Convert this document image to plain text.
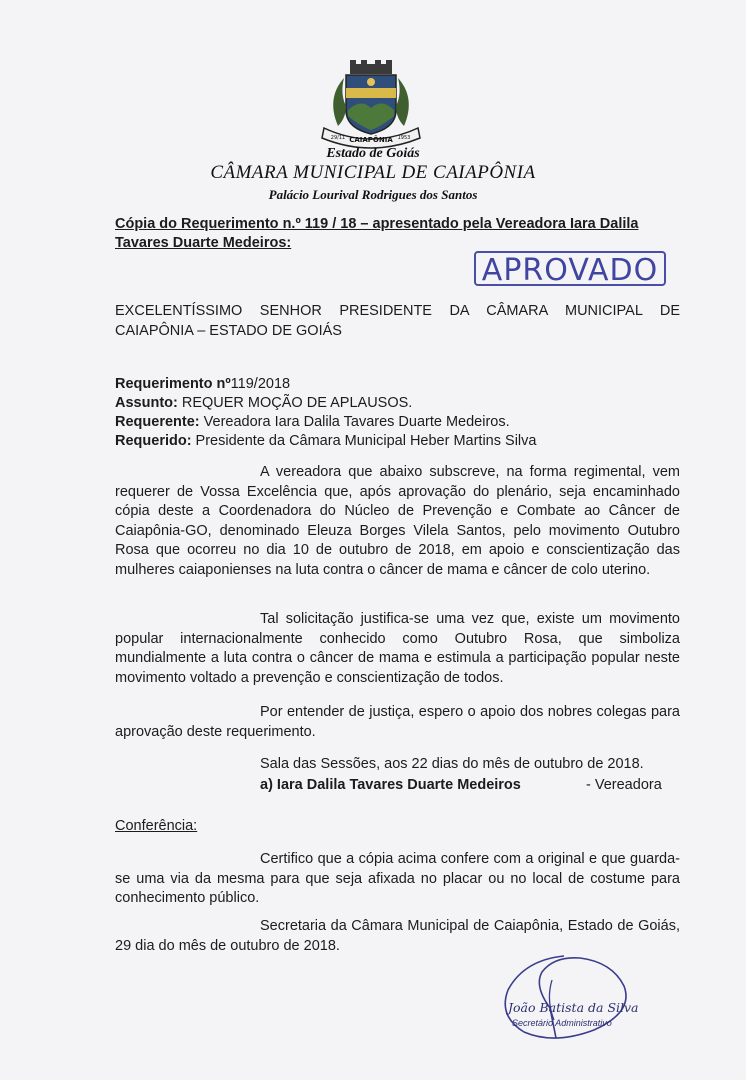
CAIAPÔNIA
29/11	1953
Estado de Goiás
CÂMARA MUNICIPAL DE CAIAPÔNIA
Palácio Lourival Rodrigues dos Santos
Cópia do Requerimento n.º 119 / 18 – apresentado pela Vereadora Iara Dalila Tavares Duarte Medeiros:
APROVADO
EXCELENTÍSSIMO SENHOR PRESIDENTE DA CÂMARA MUNICIPAL DE CAIAPÔNIA – ESTADO DE GOIÁS
Requerimento nº119/2018
Assunto: REQUER MOÇÃO DE APLAUSOS.
Requerente: Vereadora Iara Dalila Tavares Duarte Medeiros.
Requerido: Presidente da Câmara Municipal Heber Martins Silva

A vereadora que abaixo subscreve, na forma regimental, vem requerer de Vossa Excelência que, após aprovação do plenário, seja encaminhado cópia deste a Coordenadora do Núcleo de Prevenção e Combate ao Câncer de Caiapônia-GO, denominado Eleuza Borges Vilela Santos, pelo movimento Outubro Rosa que ocorreu no dia 10 de outubro de 2018, em apoio e conscientização das mulheres caiaponienses na luta contra o câncer de mama e câncer de colo uterino.

Tal solicitação justifica-se uma vez que, existe um movimento popular internacionalmente conhecido como Outubro Rosa, que simboliza mundialmente a luta contra o câncer de mama e estimula a participação popular neste movimento voltado a prevenção e conscientização de todos.

Por entender de justiça, espero o apoio dos nobres colegas para aprovação deste requerimento.

Sala das Sessões, aos 22 dias do mês de outubro de 2018.
a) Iara Dalila Tavares Duarte Medeiros	- Vereadora
Conferência:

Certifico que a cópia acima confere com a original e que guarda-se uma via da mesma para que seja afixada no placar ou no local de costume para conhecimento público.

Secretaria da Câmara Municipal de Caiapônia, Estado de Goiás, 29 dia do mês de outubro de 2018.

João Batista da Silva
Secretário Administrativo
